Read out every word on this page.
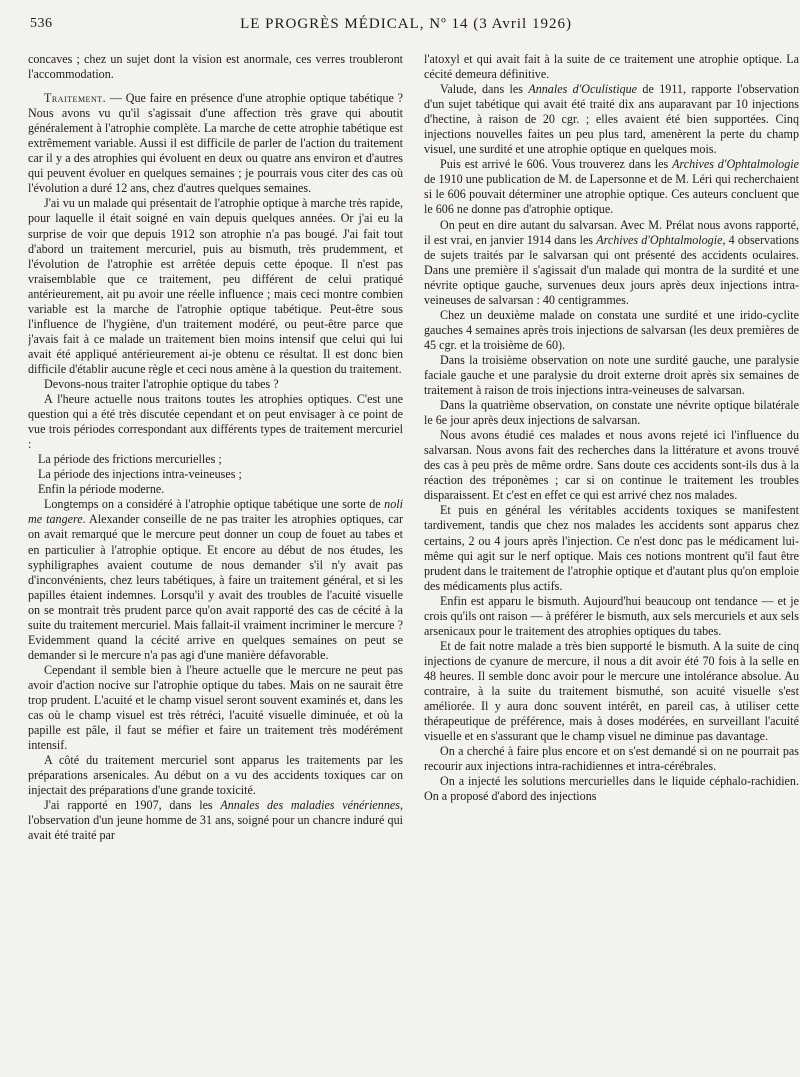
536	LE PROGRÈS MÉDICAL, Nº 14 (3 Avril 1926)

concaves ; chez un sujet dont la vision est anormale, ces verres troubleront l'accommodation.

Traitement. — Que faire en présence d'une atrophie optique tabétique ? Nous avons vu qu'il s'agissait d'une affection très grave qui aboutit généralement à l'atrophie complète. La marche de cette atrophie tabétique est extrêmement variable. Aussi il est difficile de parler de l'action du traitement car il y a des atrophies qui évoluent en deux ou quatre ans environ et d'autres qui peuvent évoluer en quelques semaines ; je pourrais vous citer des cas où l'évolution a duré 12 ans, chez d'autres quelques semaines.

J'ai vu un malade qui présentait de l'atrophie optique à marche très rapide, pour laquelle il était soigné en vain depuis quelques années. Or j'ai eu la surprise de voir que depuis 1912 son atrophie n'a pas bougé. J'ai fait tout d'abord un traitement mercuriel, puis au bismuth, très prudemment, et l'évolution de l'atrophie est arrêtée depuis cette époque. Il n'est pas vraisemblable que ce traitement, peu différent de celui pratiqué antérieurement, ait pu avoir une réelle influence ; mais ceci montre combien variable est la marche de l'atrophie optique tabétique. Peut-être sous l'influence de l'hygiène, d'un traitement modéré, ou peut-être parce que j'avais fait à ce malade un traitement bien moins intensif que celui qui lui avait été appliqué antérieurement ai-je obtenu ce résultat. Il est donc bien difficile d'établir aucune règle et ceci nous amène à la question du traitement.

Devons-nous traiter l'atrophie optique du tabes ?

A l'heure actuelle nous traitons toutes les atrophies optiques. C'est une question qui a été très discutée cependant et on peut envisager à ce point de vue trois périodes correspondant aux différents types de traitement mercuriel :

La période des frictions mercurielles ;

La période des injections intra-veineuses ;

Enfin la période moderne.

Longtemps on a considéré à l'atrophie optique tabétique une sorte de noli me tangere. Alexander conseille de ne pas traiter les atrophies optiques, car on avait remarqué que le mercure peut donner un coup de fouet au tabes et en particulier à l'atrophie optique. Et encore au début de nos études, les syphiligraphes avaient coutume de nous demander s'il n'y avait pas d'inconvénients, chez leurs tabétiques, à faire un traitement général, et si les papilles étaient indemnes. Lorsqu'il y avait des troubles de l'acuité visuelle on se montrait très prudent parce qu'on avait rapporté des cas de cécité à la suite du traitement mercuriel. Mais fallait-il vraiment incriminer le mercure ? Evidemment quand la cécité arrive en quelques semaines on peut se demander si le mercure n'a pas agi d'une manière défavorable.

Cependant il semble bien à l'heure actuelle que le mercure ne peut pas avoir d'action nocive sur l'atrophie optique du tabes. Mais on ne saurait être trop prudent. L'acuité et le champ visuel seront souvent examinés et, dans les cas où le champ visuel est très rétréci, l'acuité visuelle diminuée, et où la papille est pâle, il faut se méfier et faire un traitement très modérément intensif.

A côté du traitement mercuriel sont apparus les traitements par les préparations arsenicales. Au début on a vu des accidents toxiques car on injectait des préparations d'une grande toxicité.

J'ai rapporté en 1907, dans les Annales des maladies vénériennes, l'observation d'un jeune homme de 31 ans, soigné pour un chancre induré qui avait été traité par

l'atoxyl et qui avait fait à la suite de ce traitement une atrophie optique. La cécité demeura définitive.

Valude, dans les Annales d'Oculistique de 1911, rapporte l'observation d'un sujet tabétique qui avait été traité dix ans auparavant par 10 injections d'hectine, à raison de 20 cgr. ; elles avaient été bien supportées. Cinq injections nouvelles faites un peu plus tard, amenèrent la perte du champ visuel, une surdité et une atrophie optique en quelques mois.

Puis est arrivé le 606. Vous trouverez dans les Archives d'Ophtalmologie de 1910 une publication de M. de Lapersonne et de M. Léri qui recherchaient si le 606 pouvait déterminer une atrophie optique. Ces auteurs concluent que le 606 ne donne pas d'atrophie optique.

On peut en dire autant du salvarsan. Avec M. Prélat nous avons rapporté, il est vrai, en janvier 1914 dans les Archives d'Ophtalmologie, 4 observations de sujets traités par le salvarsan qui ont présenté des accidents oculaires. Dans une première il s'agissait d'un malade qui montra de la surdité et une névrite optique gauche, survenues deux jours après deux injections intra-veineuses de salvarsan : 40 centigrammes.

Chez un deuxième malade on constata une surdité et une irido-cyclite gauches 4 semaines après trois injections de salvarsan (les deux premières de 45 cgr. et la troisième de 60).

Dans la troisième observation on note une surdité gauche, une paralysie faciale gauche et une paralysie du droit externe droit après six semaines de traitement à raison de trois injections intra-veineuses de salvarsan.

Dans la quatrième observation, on constate une névrite optique bilatérale le 6e jour après deux injections de salvarsan.

Nous avons étudié ces malades et nous avons rejeté ici l'influence du salvarsan. Nous avons fait des recherches dans la littérature et avons trouvé des cas à peu près de même ordre. Sans doute ces accidents sont-ils dus à la réaction des tréponèmes ; car si on continue le traitement les troubles disparaissent. Et c'est en effet ce qui est arrivé chez nos malades.

Et puis en général les véritables accidents toxiques se manifestent tardivement, tandis que chez nos malades les accidents sont apparus chez certains, 2 ou 4 jours après l'injection. Ce n'est donc pas le médicament lui-même qui agit sur le nerf optique. Mais ces notions montrent qu'il faut être prudent dans le traitement de l'atrophie optique et d'autant plus qu'on emploie des médicaments plus actifs.

Enfin est apparu le bismuth. Aujourd'hui beaucoup ont tendance — et je crois qu'ils ont raison — à préférer le bismuth, aux sels mercuriels et aux sels arsenicaux pour le traitement des atrophies optiques du tabes.

Et de fait notre malade a très bien supporté le bismuth. A la suite de cinq injections de cyanure de mercure, il nous a dit avoir été 70 fois à la selle en 48 heures. Il semble donc avoir pour le mercure une intolérance absolue. Au contraire, à la suite du traitement bismuthé, son acuité visuelle s'est améliorée. Il y aura donc souvent intérêt, en pareil cas, à utiliser cette thérapeutique de préférence, mais à doses modérées, en surveillant l'acuité visuelle et en s'assurant que le champ visuel ne diminue pas davantage.

On a cherché à faire plus encore et on s'est demandé si on ne pourrait pas recourir aux injections intra-rachidiennes et intra-cérébrales.

On a injecté les solutions mercurielles dans le liquide céphalo-rachidien. On a proposé d'abord des injections
